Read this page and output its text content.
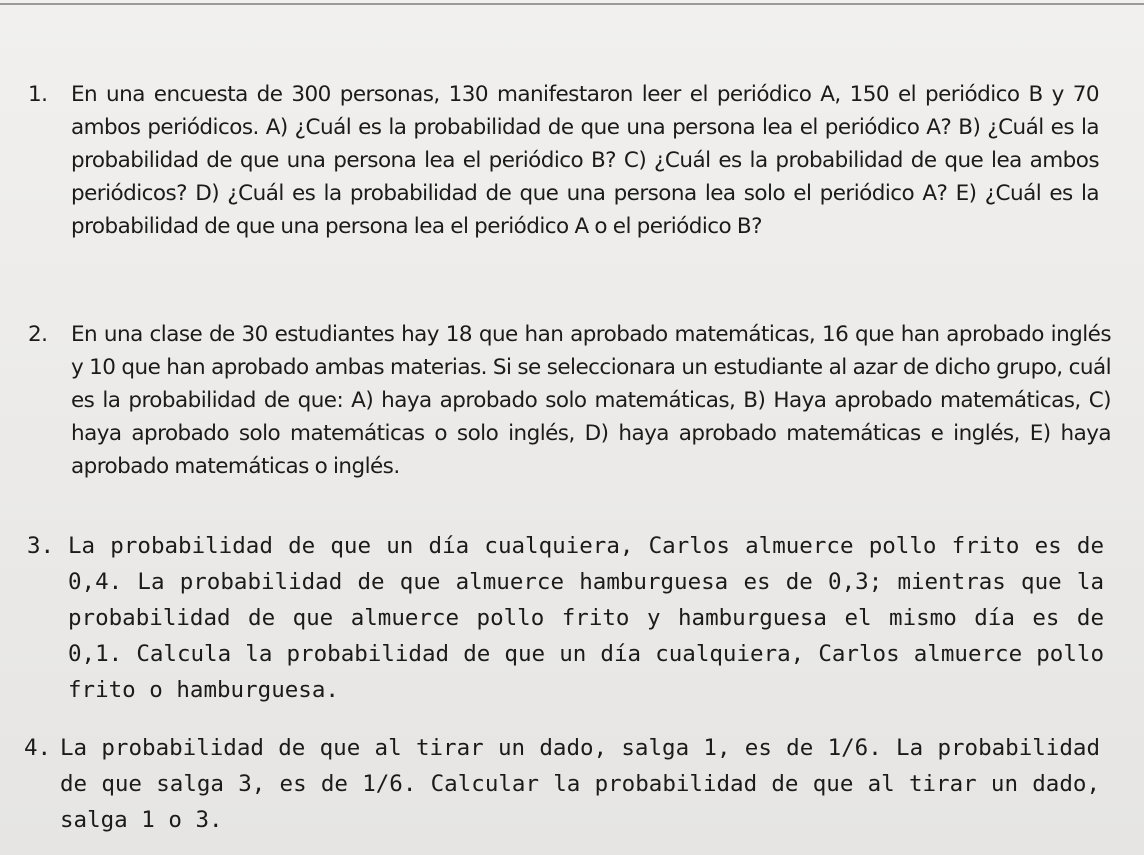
1. En una encuesta de 300 personas, 130 manifestaron leer el periódico A, 150 el periódico B y 70 ambos periódicos. A) ¿Cuál es la probabilidad de que una persona lea el periódico A? B) ¿Cuál es la probabilidad de que una persona lea el periódico B? C) ¿Cuál es la probabilidad de que lea ambos periódicos? D) ¿Cuál es la probabilidad de que una persona lea solo el periódico A? E) ¿Cuál es la probabilidad de que una persona lea el periódico A o el periódico B?

2. En una clase de 30 estudiantes hay 18 que han aprobado matemáticas, 16 que han aprobado inglés y 10 que han aprobado ambas materias. Si se seleccionara un estudiante al azar de dicho grupo, cuál es la probabilidad de que: A) haya aprobado solo matemáticas, B) Haya aprobado matemáticas, C) haya aprobado solo matemáticas o solo inglés, D) haya aprobado matemáticas e inglés, E) haya aprobado matemáticas o inglés.

3. La probabilidad de que un día cualquiera, Carlos almuerce pollo frito es de 0,4. La probabilidad de que almuerce hamburguesa es de 0,3; mientras que la probabilidad de que almuerce pollo frito y hamburguesa el mismo día es de 0,1. Calcula la probabilidad de que un día cualquiera, Carlos almuerce pollo frito o hamburguesa.

4. La probabilidad de que al tirar un dado, salga 1, es de 1/6. La probabilidad de que salga 3, es de 1/6. Calcular la probabilidad de que al tirar un dado, salga 1 o 3.
